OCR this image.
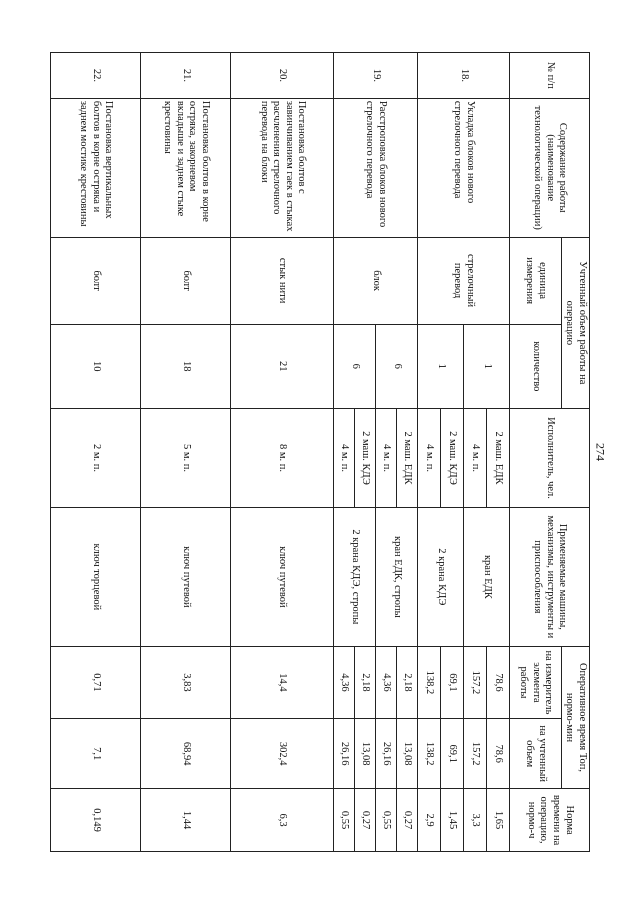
274
№ п/п	Содержание работы (наименование технологической операции)	Учтенный объем работы на операцию		Исполнитель, чел.	Применяемые машины, механизмы, инструменты и приспособления	Оперативное время Топ, нормо-мин		Норма времени на операцию, нормо-ч
		единица измерения	количество			на измеритель элемента работы	на учтенный объем	
18.	Укладка блоков нового стрелочного перевода	стрелочный перевод	1	2 маш. ЕДК	кран ЕДК	78,6	78,6	1,65
				4 м. п.		157,2	157,2	3,3
			1	2 маш. КДЭ	2 крана КДЭ	69,1	69,1	1,45
				4 м. п.		138,2	138,2	2,9
19.	Расстроповка блоков нового стрелочного перевода	блок	6	2 маш. ЕДК	кран ЕДК, стропы	2,18	13,08	0,27
				4 м. п.		4,36	26,16	0,55
			6	2 маш. КДЭ	2 крана КДЭ, стропы	2,18	13,08	0,27
				4 м. п.		4,36	26,16	0,55
20.	Постановка болтов с завинчиванием гаек в стыках расчленения стрелочного перевода на блоки	стык нити	21	8 м. п.	ключ путевой	14,4	302,4	6,3
21.	Постановка болтов в корне остряка, закорневом вкладыше и заднем стыке крестовины	болт	18	5 м. п.	ключ путевой	3,83	68,94	1,44
22.	Постановка вертикальных болтов в корне остряка и заднем мостике крестовины	болт	10	2 м. п.	ключ торцевой	0,71	7,1	0,149
